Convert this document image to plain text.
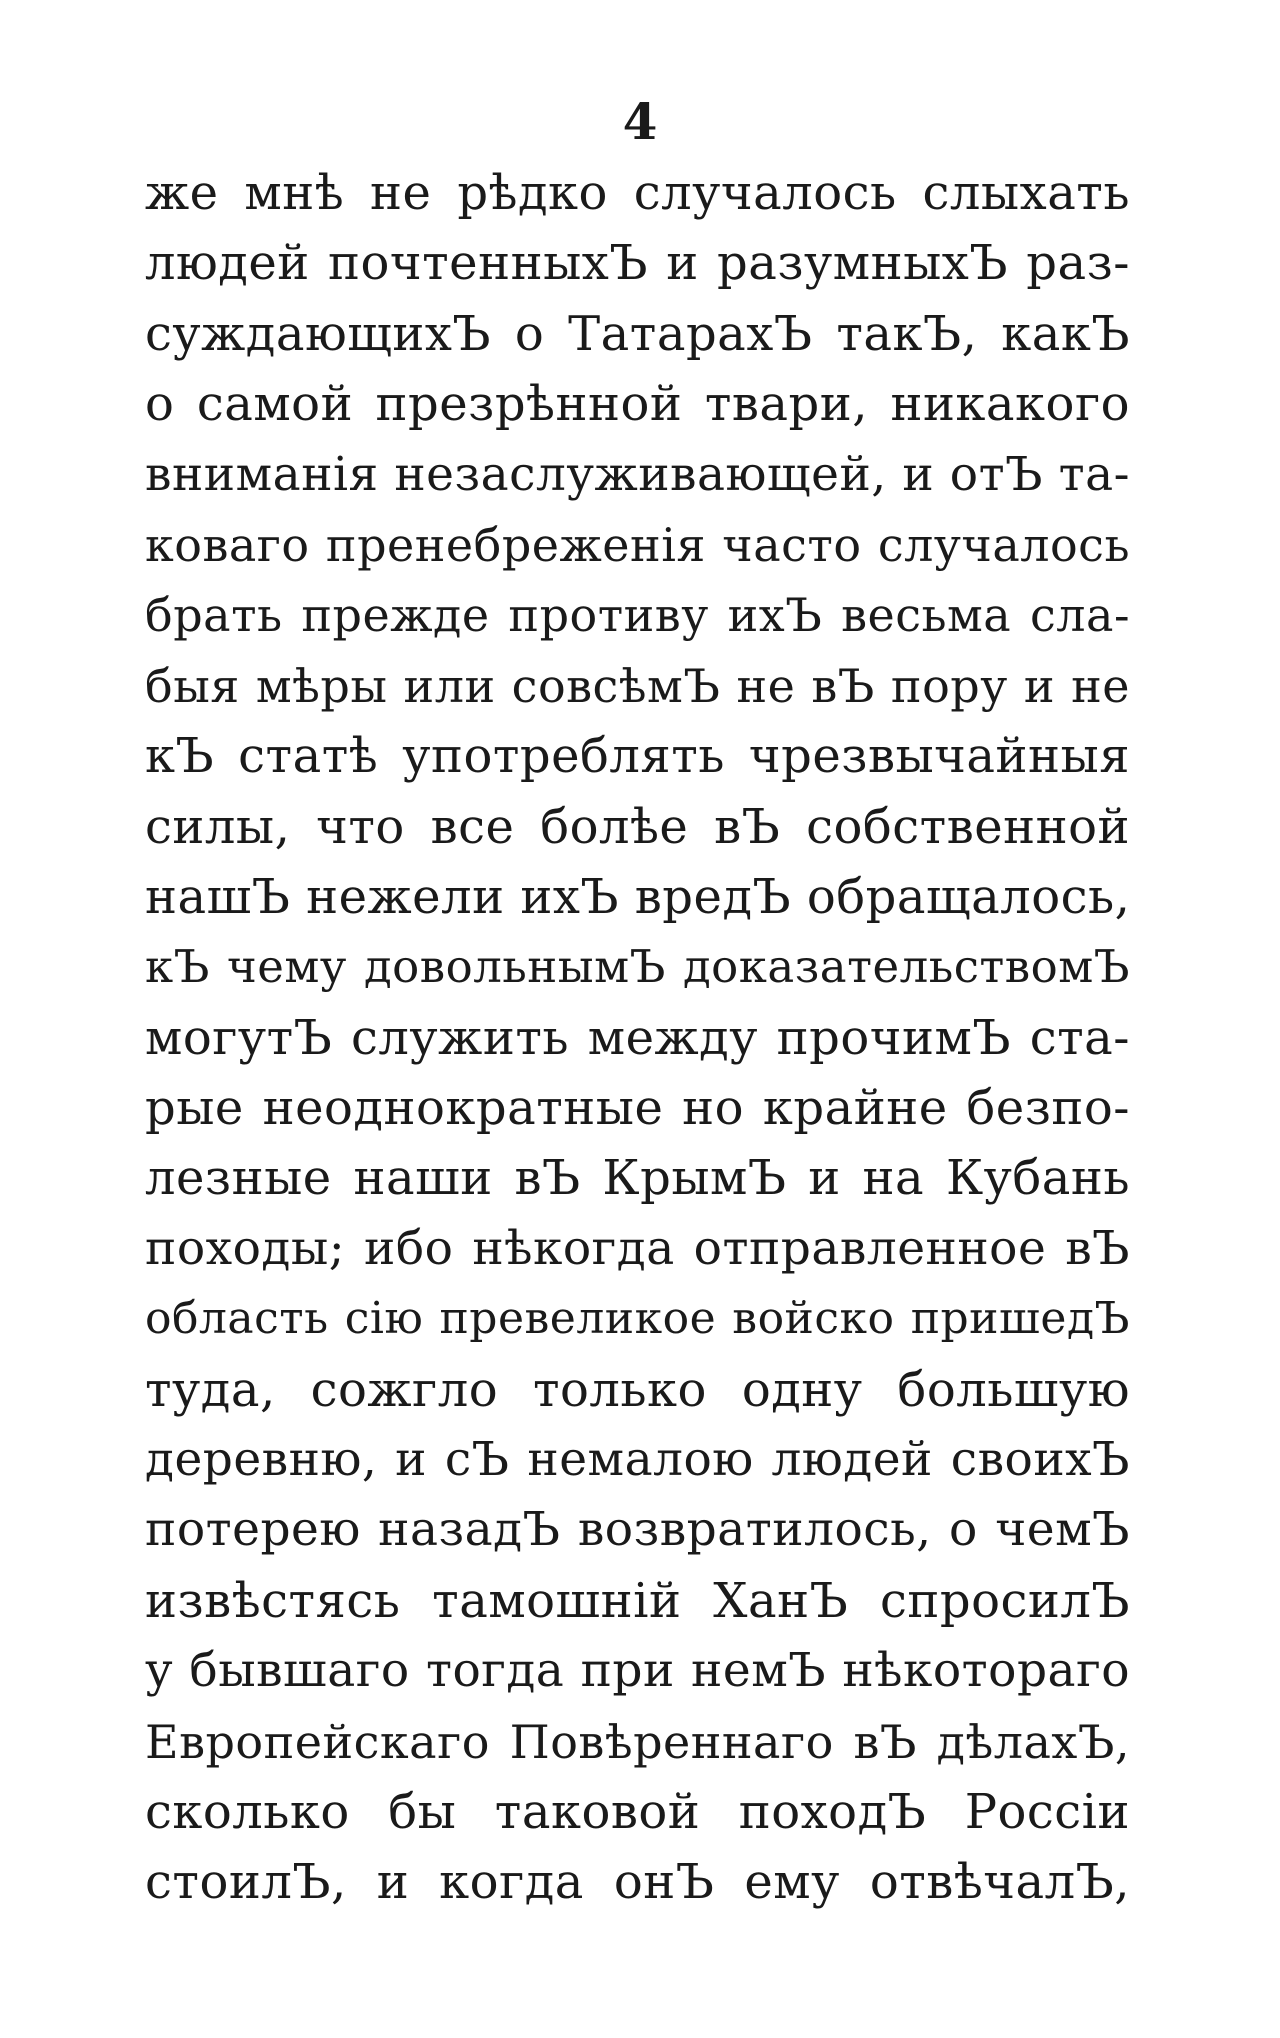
4
же мнѣ не рѣдко случалось слыхать
людей почтенныхЪ и разумныхЪ раз-
суждающихЪ о ТатарахЪ такЪ, какЪ
о самой презрѣнной твари, никакого
вниманія незаслуживающей, и отЪ та-
коваго пренебреженія часто случалось
брать прежде противу ихЪ весьма сла-
быя мѣры или совсѣмЪ не вЪ пору и не
кЪ статѣ употреблять чрезвычайныя
силы, что все болѣе вЪ собственной
нашЪ нежели ихЪ вредЪ обращалось,
кЪ чему довольнымЪ доказательствомЪ
могутЪ служить между прочимЪ ста-
рые неоднократные но крайне безпо-
лезные наши вЪ КрымЪ и на Кубань
походы; ибо нѣкогда отправленное вЪ
область сію превеликое войско пришедЪ
туда, сожгло только одну большую
деревню, и сЪ немалою людей своихЪ
потерею назадЪ возвратилось, о чемЪ
извѣстясь тамошній ХанЪ спросилЪ
у бывшаго тогда при немЪ нѣкотораго
Европейскаго Повѣреннаго вЪ дѣлахЪ,
сколько бы таковой походЪ Россіи
стоилЪ, и когда онЪ ему отвѣчалЪ,
